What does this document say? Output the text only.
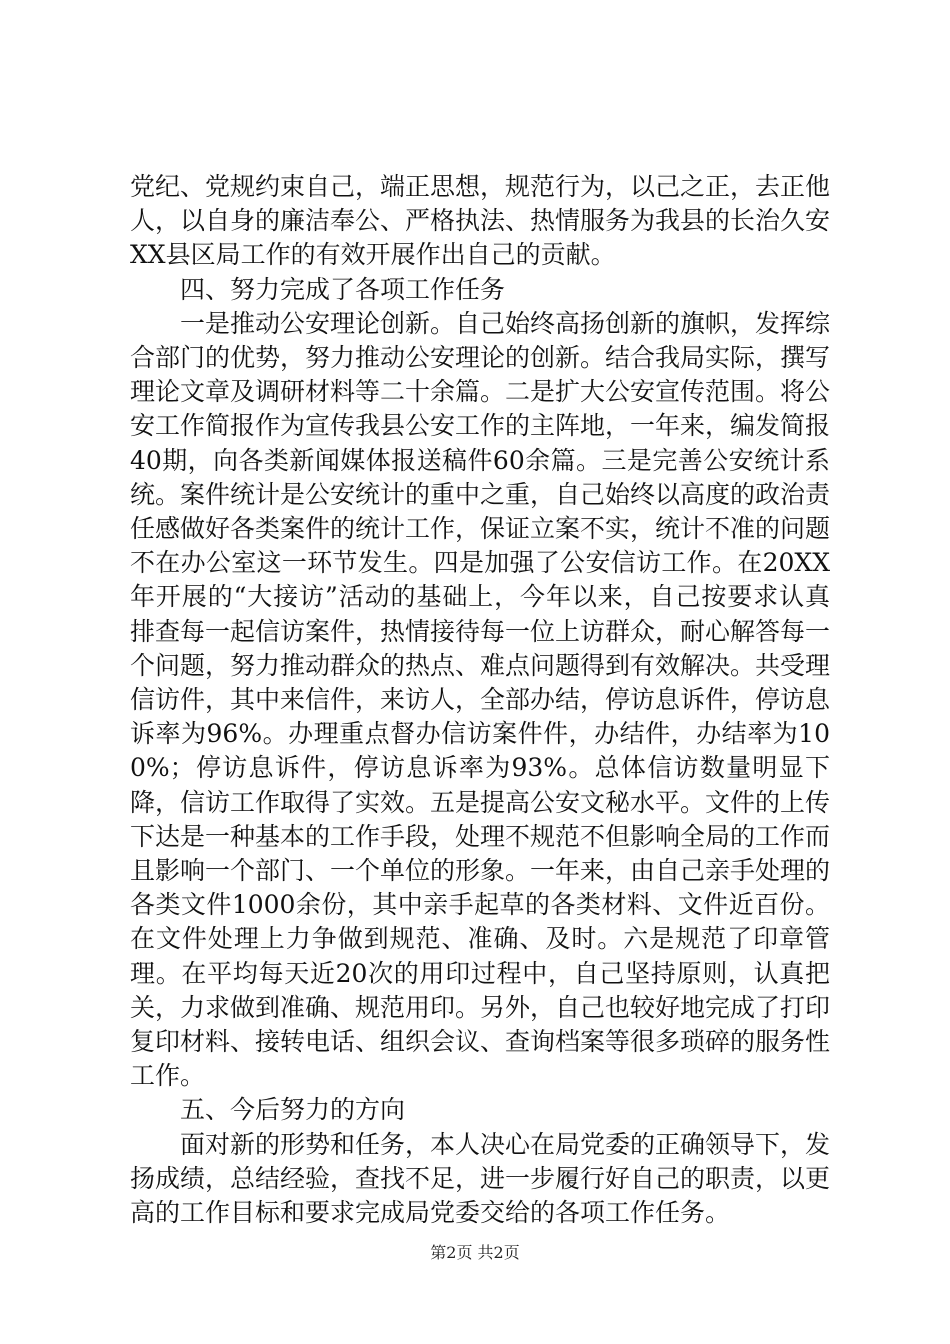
党纪、党规约束自己，端正思想，规范行为，以己之正，去正他人，以自身的廉洁奉公、严格执法、热情服务为我县的长治久安XX县区局工作的有效开展作出自己的贡献。

四、努力完成了各项工作任务

一是推动公安理论创新。自己始终高扬创新的旗帜，发挥综合部门的优势，努力推动公安理论的创新。结合我局实际，撰写理论文章及调研材料等二十余篇。二是扩大公安宣传范围。将公安工作简报作为宣传我县公安工作的主阵地，一年来，编发简报40期，向各类新闻媒体报送稿件60余篇。三是完善公安统计系统。案件统计是公安统计的重中之重，自己始终以高度的政治责任感做好各类案件的统计工作，保证立案不实，统计不准的问题不在办公室这一环节发生。四是加强了公安信访工作。在20XX年开展的“大接访”活动的基础上，今年以来，自己按要求认真排查每一起信访案件，热情接待每一位上访群众，耐心解答每一个问题，努力推动群众的热点、难点问题得到有效解决。共受理信访件，其中来信件，来访人，全部办结，停访息诉件，停访息诉率为96%。办理重点督办信访案件件，办结件，办结率为100%；停访息诉件，停访息诉率为93%。总体信访数量明显下降，信访工作取得了实效。五是提高公安文秘水平。文件的上传下达是一种基本的工作手段，处理不规范不但影响全局的工作而且影响一个部门、一个单位的形象。一年来，由自己亲手处理的各类文件1000余份，其中亲手起草的各类材料、文件近百份。在文件处理上力争做到规范、准确、及时。六是规范了印章管理。在平均每天近20次的用印过程中，自己坚持原则，认真把关，力求做到准确、规范用印。另外，自己也较好地完成了打印复印材料、接转电话、组织会议、查询档案等很多琐碎的服务性工作。

五、今后努力的方向

面对新的形势和任务，本人决心在局党委的正确领导下，发扬成绩，总结经验，查找不足，进一步履行好自己的职责，以更高的工作目标和要求完成局党委交给的各项工作任务。

第2页 共2页
